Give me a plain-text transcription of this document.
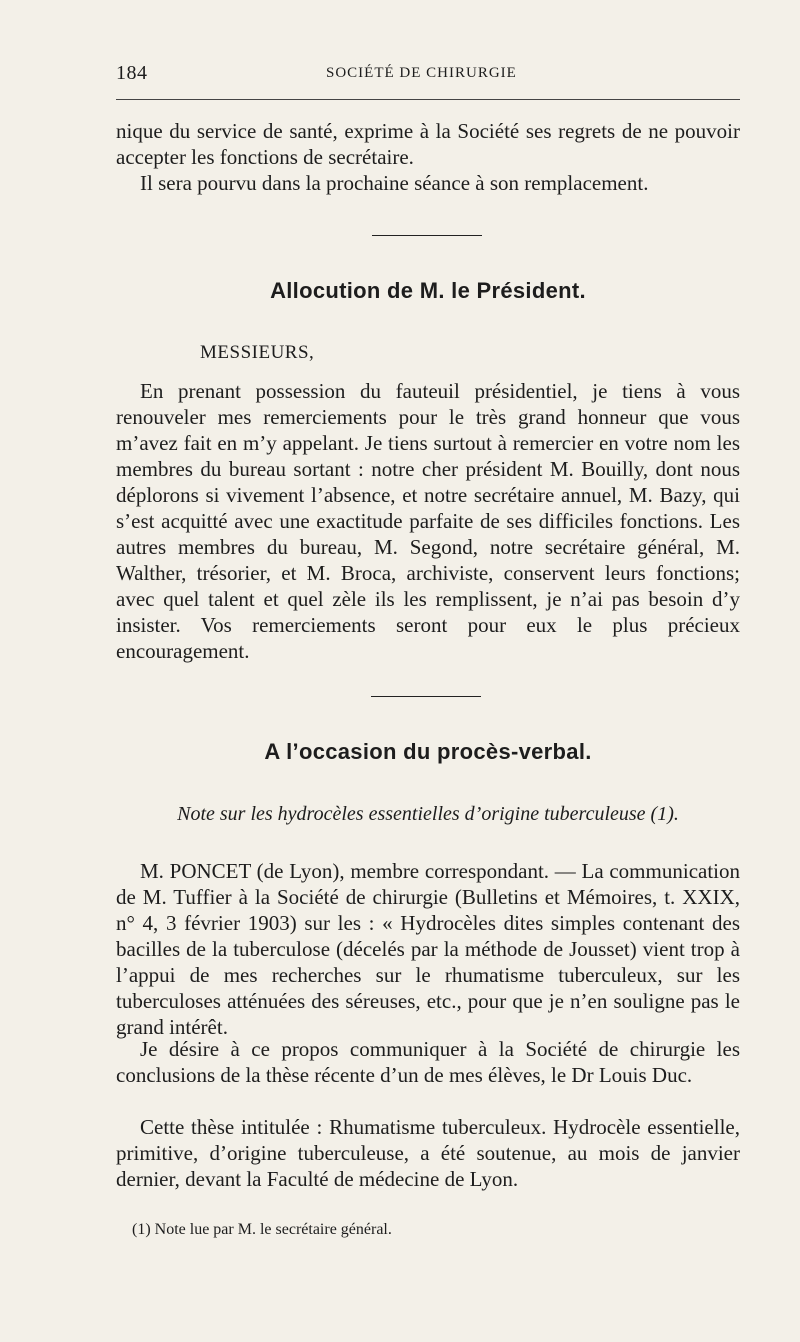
184	SOCIÉTÉ DE CHIRURGIE

nique du service de santé, exprime à la Société ses regrets de ne pouvoir accepter les fonctions de secrétaire.

Il sera pourvu dans la prochaine séance à son remplacement.

Allocution de M. le Président.
MESSIEURS,

En prenant possession du fauteuil présidentiel, je tiens à vous renouveler mes remerciements pour le très grand honneur que vous m’avez fait en m’y appelant. Je tiens surtout à remercier en votre nom les membres du bureau sortant : notre cher président M. Bouilly, dont nous déplorons si vivement l’absence, et notre secrétaire annuel, M. Bazy, qui s’est acquitté avec une exactitude parfaite de ses difficiles fonctions. Les autres membres du bureau, M. Segond, notre secrétaire général, M. Walther, trésorier, et M. Broca, archiviste, conservent leurs fonctions; avec quel talent et quel zèle ils les remplissent, je n’ai pas besoin d’y insister. Vos remerciements seront pour eux le plus précieux encouragement.

A l’occasion du procès-verbal.
Note sur les hydrocèles essentielles d’origine tuberculeuse (1).

M. PONCET (de Lyon), membre correspondant. — La communication de M. Tuffier à la Société de chirurgie (Bulletins et Mémoires, t. XXIX, n° 4, 3 février 1903) sur les : « Hydrocèles dites simples contenant des bacilles de la tuberculose (décelés par la méthode de Jousset) vient trop à l’appui de mes recherches sur le rhumatisme tuberculeux, sur les tuberculoses atténuées des séreuses, etc., pour que je n’en souligne pas le grand intérêt.

Je désire à ce propos communiquer à la Société de chirurgie les conclusions de la thèse récente d’un de mes élèves, le Dr Louis Duc.

Cette thèse intitulée : Rhumatisme tuberculeux. Hydrocèle essentielle, primitive, d’origine tuberculeuse, a été soutenue, au mois de janvier dernier, devant la Faculté de médecine de Lyon.

(1) Note lue par M. le secrétaire général.
